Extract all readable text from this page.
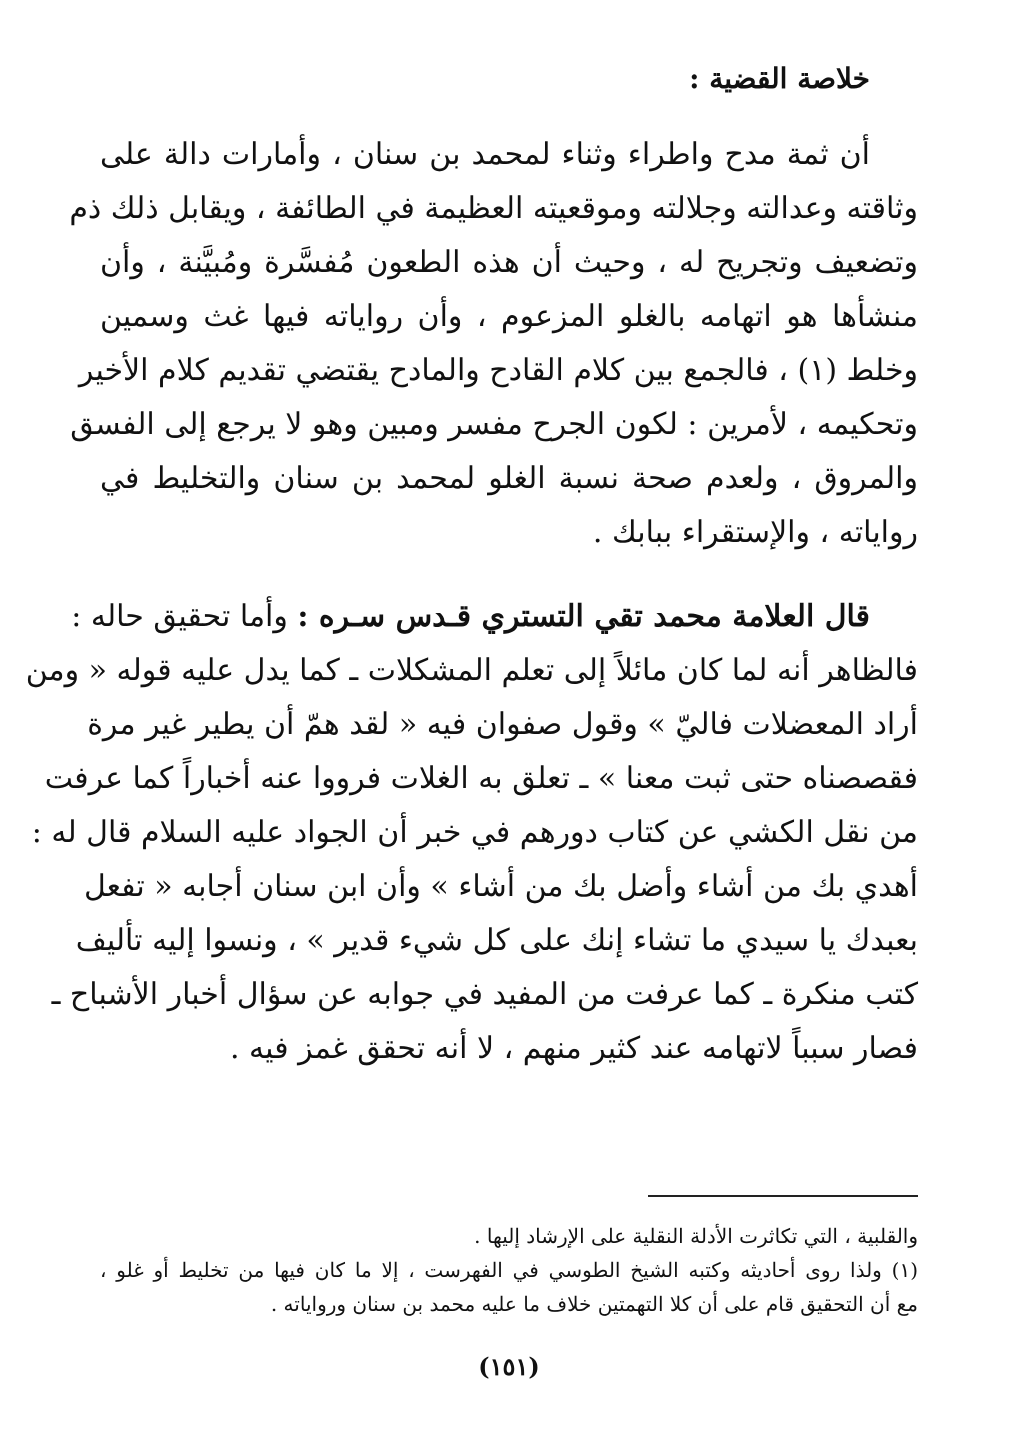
خلاصة القضية :
أن ثمة مدح واطراء وثناء لمحمد بن سنان ، وأمارات دالة على
وثاقته وعدالته وجلالته وموقعيته العظيمة في الطائفة ، ويقابل ذلك ذم
وتضعيف وتجريح له ، وحيث أن هذه الطعون مُفسَّرة ومُبيَّنة ، وأن
منشأها هو اتهامه بالغلو المزعوم ، وأن رواياته فيها غث وسمين
وخلط (١) ، فالجمع بين كلام القادح والمادح يقتضي تقديم كلام الأخير
وتحكيمه ، لأمرين : لكون الجرح مفسر ومبين وهو لا يرجع إلى الفسق
والمروق ، ولعدم صحة نسبة الغلو لمحمد بن سنان والتخليط في
رواياته ، والإستقراء ببابك .
قال العلامة محمد تقي التستري قـدس سـره : وأما تحقيق حاله :
فالظاهر أنه لما كان مائلاً إلى تعلم المشكلات ـ كما يدل عليه قوله « ومن
أراد المعضلات فاليّ » وقول صفوان فيه « لقد همّ أن يطير غير مرة
فقصصناه حتى ثبت معنا » ـ تعلق به الغلات فرووا عنه أخباراً كما عرفت
من نقل الكشي عن كتاب دورهم في خبر أن الجواد عليه السلام قال له :
أهدي بك من أشاء وأضل بك من أشاء » وأن ابن سنان أجابه « تفعل
بعبدك يا سيدي ما تشاء إنك على كل شيء قدير » ، ونسوا إليه تأليف
كتب منكرة ـ كما عرفت من المفيد في جوابه عن سؤال أخبار الأشباح ـ
فصار سبباً لاتهامه عند كثير منهم ، لا أنه تحقق غمز فيه .
والقلبية ، التي تكاثرت الأدلة النقلية على الإرشاد إليها .
(١) ولذا روى أحاديثه وكتبه الشيخ الطوسي في الفهرست ، إلا ما كان فيها من تخليط أو غلو ،
مع أن التحقيق قام على أن كلا التهمتين خلاف ما عليه محمد بن سنان ورواياته .
(١٥١)
